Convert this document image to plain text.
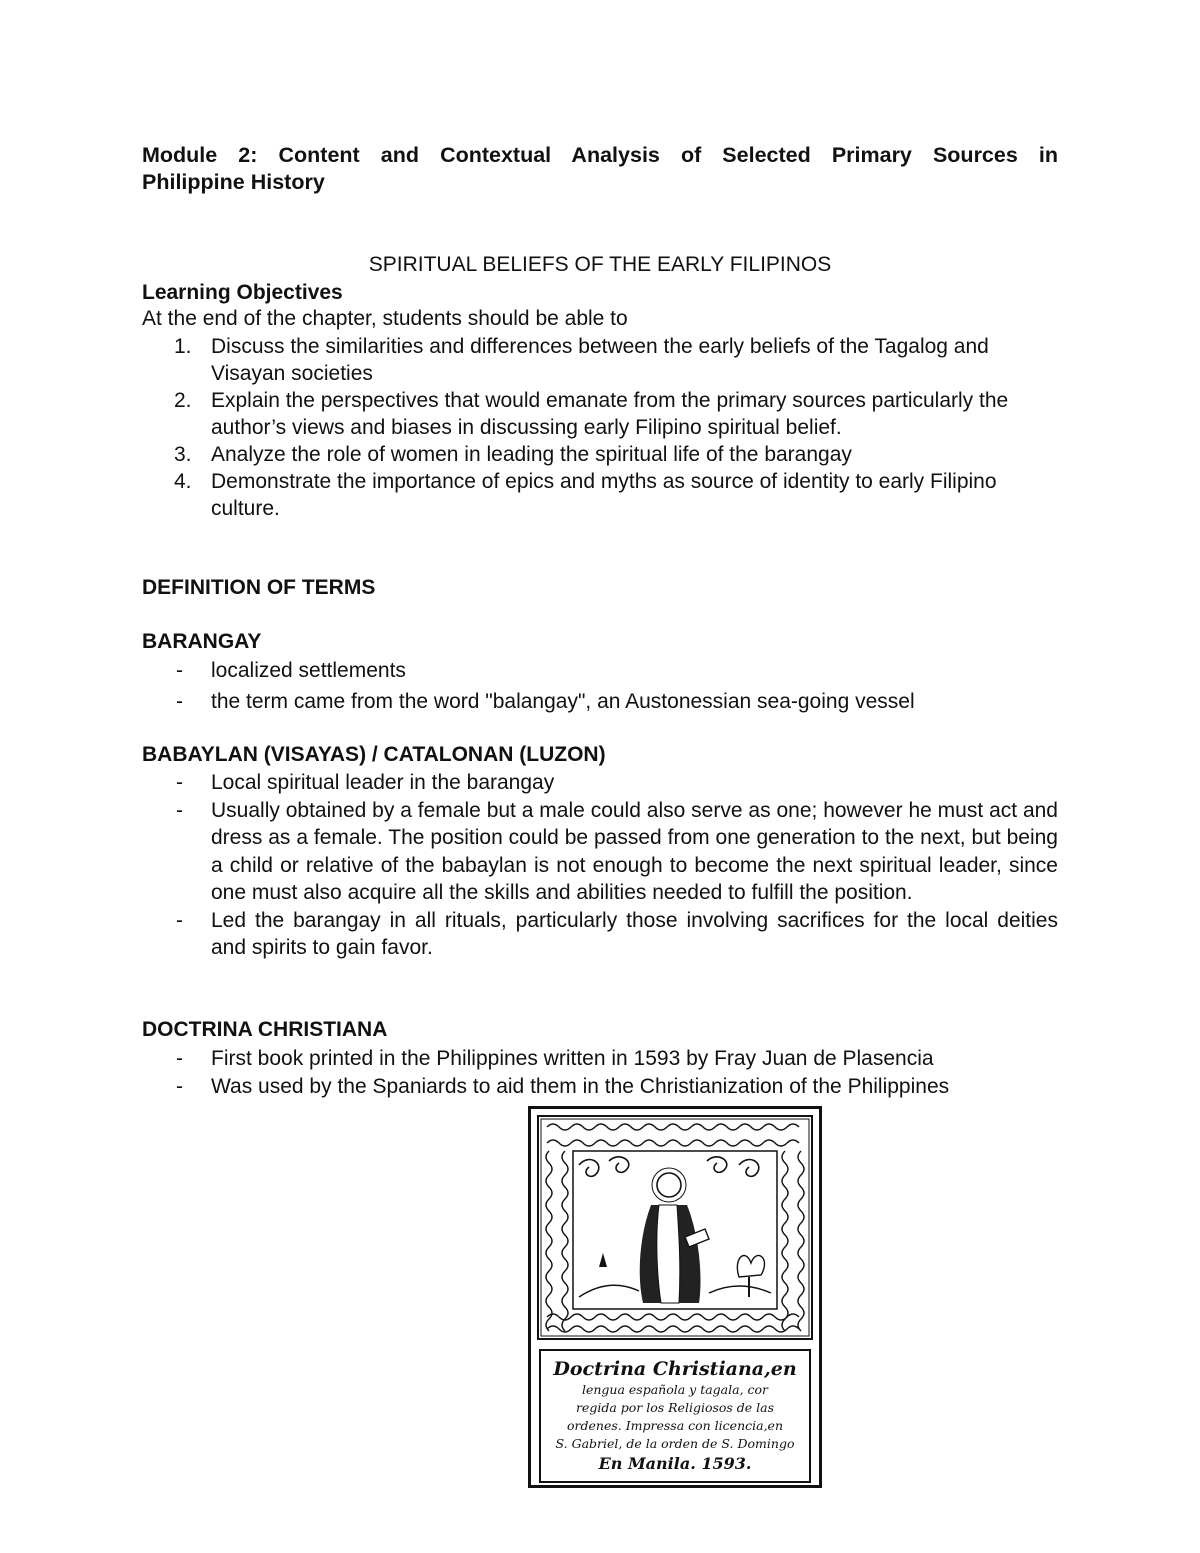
Module 2: Content and Contextual Analysis of Selected Primary Sources in
Philippine History
SPIRITUAL BELIEFS OF THE EARLY FILIPINOS
Learning Objectives
At the end of the chapter, students should be able to
1. Discuss the similarities and differences between the early beliefs of the Tagalog and Visayan societies
2. Explain the perspectives that would emanate from the primary sources particularly the author’s views and biases in discussing early Filipino spiritual belief.
3. Analyze the role of women in leading the spiritual life of the barangay
4. Demonstrate the importance of epics and myths as source of identity to early Filipino culture.
DEFINITION OF TERMS
BARANGAY
- localized settlements
- the term came from the word "balangay", an Austonessian sea-going vessel
BABAYLAN (VISAYAS) / CATALONAN (LUZON)
- Local spiritual leader in the barangay
- Usually obtained by a female but a male could also serve as one; however he must act and dress as a female. The position could be passed from one generation to the next, but being a child or relative of the babaylan is not enough to become the next spiritual leader, since one must also acquire all the skills and abilities needed to fulfill the position.
- Led the barangay in all rituals, particularly those involving sacrifices for the local deities and spirits to gain favor.
DOCTRINA CHRISTIANA
- First book printed in the Philippines written in 1593 by Fray Juan de Plasencia
- Was used by the Spaniards to aid them in the Christianization of the Philippines
Doctrina Christiana,en
lengua española y tagala, cor
regida por los Religiosos de las
ordenes. Impressa con licencia,en
S. Gabriel, de la orden de S. Domingo
En Manila. 1593.
